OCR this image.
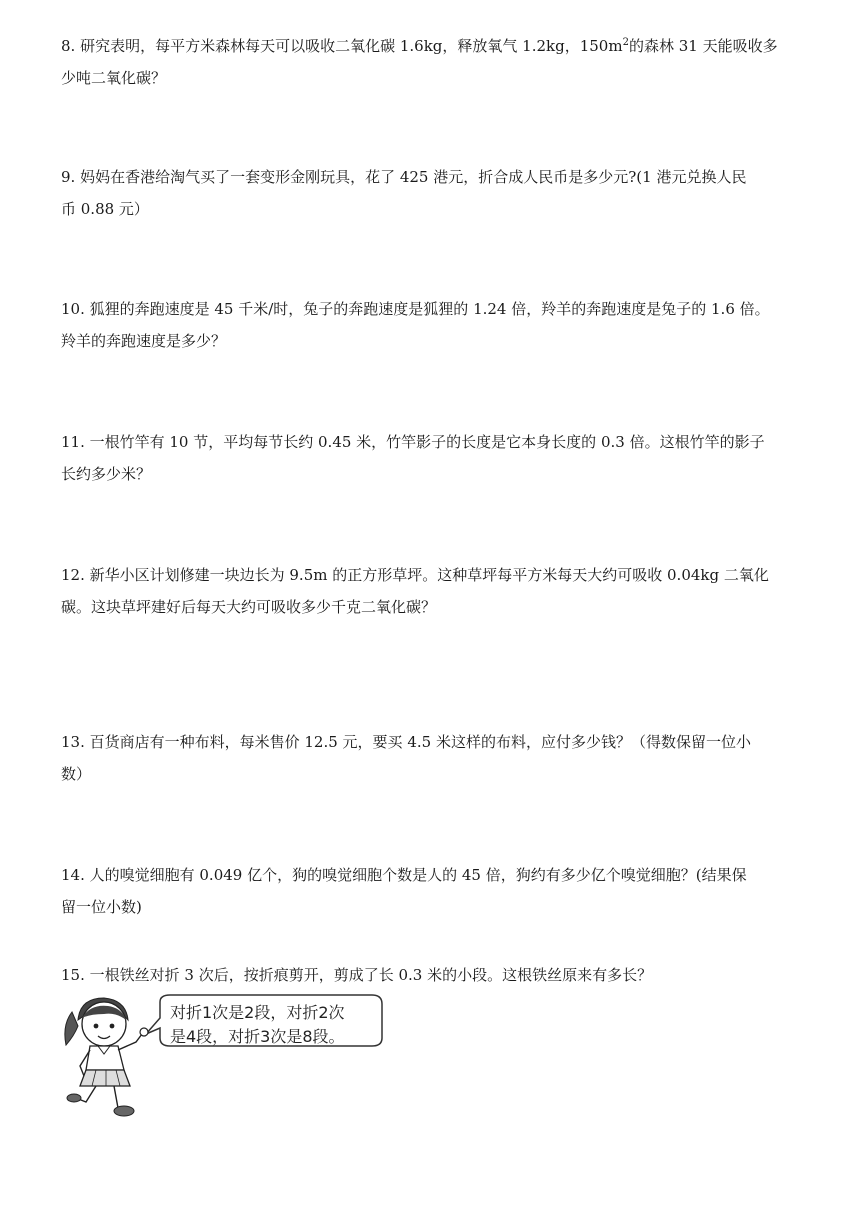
8. 研究表明，每平方米森林每天可以吸收二氧化碳 1.6kg，释放氧气 1.2kg，$150m^2$的森林 31 天能吸收多

少吨二氧化碳？

9. 妈妈在香港给淘气买了一套变形金刚玩具，花了 425 港元，折合成人民币是多少元?(1 港元兑换人民

币 0.88 元）

10. 狐狸的奔跑速度是 45 千米/时，兔子的奔跑速度是狐狸的 1.24 倍，羚羊的奔跑速度是兔子的 1.6 倍。

羚羊的奔跑速度是多少？

11. 一根竹竿有 10 节，平均每节长约 0.45 米，竹竿影子的长度是它本身长度的 0.3 倍。这根竹竿的影子

长约多少米？

12. 新华小区计划修建一块边长为 9.5m 的正方形草坪。这种草坪每平方米每天大约可吸收 0.04kg 二氧化

碳。这块草坪建好后每天大约可吸收多少千克二氧化碳？

13. 百货商店有一种布料，每米售价 12.5 元，要买 4.5 米这样的布料，应付多少钱？（得数保留一位小

数）

14. 人的嗅觉细胞有 0.049 亿个，狗的嗅觉细胞个数是人的 45 倍，狗约有多少亿个嗅觉细胞？(结果保

留一位小数)

15. 一根铁丝对折 3 次后，按折痕剪开，剪成了长 0.3 米的小段。这根铁丝原来有多长？

对折1次是2段，对折2次
是4段，对折3次是8段。
